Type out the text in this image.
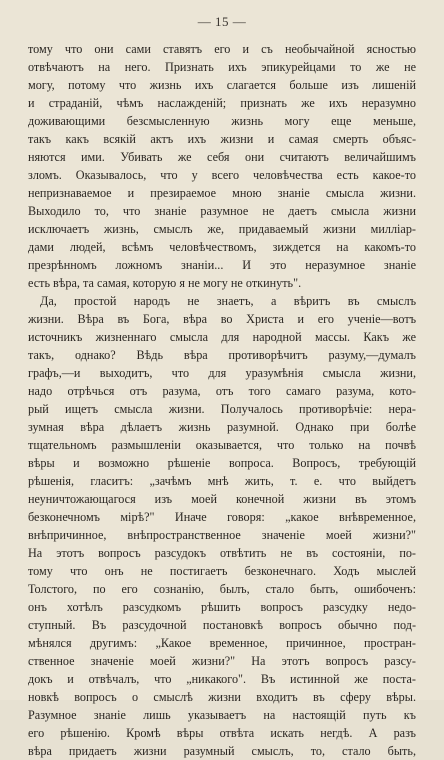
— 15 —
тому что они сами ставятъ его и съ необычайной ясностью
отвѣчаютъ на него. Признать ихъ эпикурейцами то же не
могу, потому что жизнь ихъ слагается больше изъ лишеній
и страданій, чѣмъ наслажденій; признать же ихъ неразумно
доживающими безсмысленную жизнь могу еще меньше,
такъ какъ всякій актъ ихъ жизни и самая смерть объяс-
няются ими. Убивать же себя они считаютъ величайшимъ
зломъ. Оказывалось, что у всего человѣчества есть какое-то
непризнаваемое и презираемое мною знаніе смысла жизни.
Выходило то, что знаніе разумное не даетъ смысла жизни
исключаетъ жизнь, смыслъ же, придаваемый жизни миллiар-
дами людей, всѣмъ человѣчествомъ, зиждется на какомъ-то
презрѣнномъ ложномъ знаніи... И это неразумное знаніе
есть вѣра, та самая, которую я не могу не откинуть".
Да, простой народъ не знаетъ, а вѣритъ въ смыслъ
жизни. Вѣра въ Бога, вѣра во Христа и его ученіе—вотъ
источникъ жизненнаго смысла для народной массы. Какъ же
такъ, однако? Вѣдь вѣра противорѣчитъ разуму,—думалъ
графъ,—и выходитъ, что для уразумѣнія смысла жизни,
надо отрѣчься отъ разума, отъ того самаго разума, кото-
рый ищетъ смысла жизни. Получалось противорѣчіе: нера-
зумная вѣра дѣлаетъ жизнь разумной. Однако при болѣе
тщательномъ размышленіи оказывается, что только на почвѣ
вѣры и возможно рѣшеніе вопроса. Вопросъ, требующій
рѣшенія, гласитъ: „зачѣмъ мнѣ жить, т. е. что выйдетъ
неуничтожающагося изъ моей конечной жизни въ этомъ
безконечномъ мірѣ?" Иначе говоря: „какое внѣвременное,
внѣпричинное, внѣпространственное значеніе моей жизни?"
На этотъ вопросъ разсудокъ отвѣтить не въ состояніи, по-
тому что онъ не постигаетъ безконечнаго. Ходъ мыслей
Толстого, по его сознанію, былъ, стало быть, ошибоченъ:
онъ хотѣлъ разсудкомъ рѣшить вопросъ разсудку недо-
ступный. Въ разсудочной постановкѣ вопросъ обычно под-
мѣнялся другимъ: „Какое временное, причинное, простран-
ственное значеніе моей жизни?" На этотъ вопросъ разсу-
докъ и отвѣчалъ, что „никакого". Въ истинной же поста-
новкѣ вопросъ о смыслѣ жизни входитъ въ сферу вѣры.
Разумное знаніе лишь указываетъ на настоящій путь къ
его рѣшенію. Кромѣ вѣры отвѣта искать негдѣ. А разъ
вѣра придаетъ жизни разумный смыслъ, то, стало быть,
